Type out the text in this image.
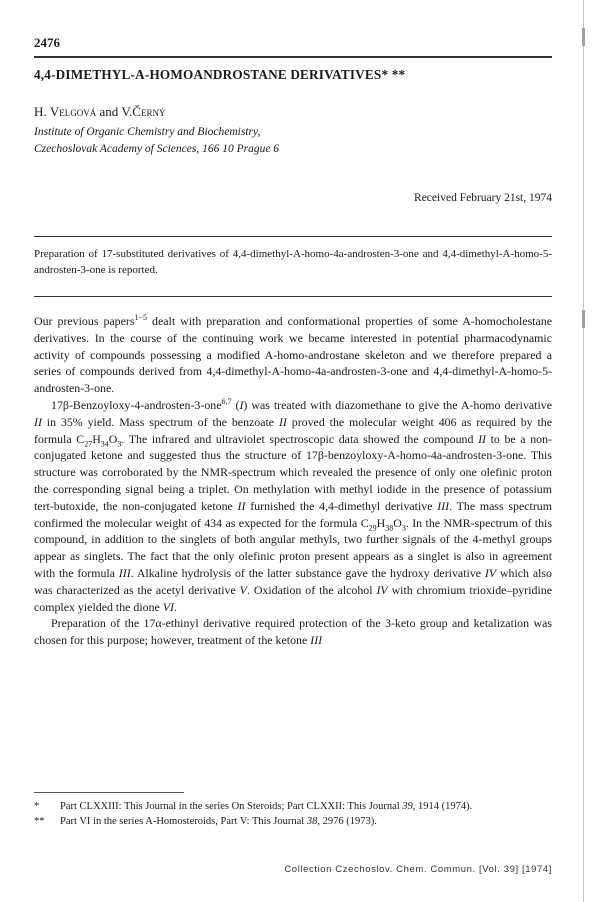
2476
4,4-DIMETHYL-A-HOMOANDROSTANE DERIVATIVES* **
H. Velgová and V.Černý
Institute of Organic Chemistry and Biochemistry,
Czechoslovak Academy of Sciences, 166 10 Prague 6
Received February 21st, 1974
Preparation of 17-substituted derivatives of 4,4-dimethyl-A-homo-4a-androsten-3-one and 4,4-dimethyl-A-homo-5-androsten-3-one is reported.

Our previous papers$^{1-5}$ dealt with preparation and conformational properties of some A-homocholestane derivatives. In the course of the continuing work we became interested in potential pharmacodynamic activity of compounds possessing a modified A-homo-androstane skeleton and we therefore prepared a series of compounds derived from 4,4-dimethyl-A-homo-4a-androsten-3-one and 4,4-dimethyl-A-homo-5-androsten-3-one.

17β-Benzoyloxy-4-androsten-3-one$^{6,7}$ (I) was treated with diazomethane to give the A-homo derivative II in 35% yield. Mass spectrum of the benzoate II proved the molecular weight 406 as required by the formula $C_{27}H_{34}O_3$. The infrared and ultraviolet spectroscopic data showed the compound II to be a non-conjugated ketone and suggested thus the structure of 17β-benzoyloxy-A-homo-4a-androsten-3-one. This structure was corroborated by the NMR-spectrum which revealed the presence of only one olefinic proton the corresponding signal being a triplet. On methylation with methyl iodide in the presence of potassium tert-butoxide, the non-conjugated ketone II furnished the 4,4-dimethyl derivative III. The mass spectrum confirmed the molecular weight of 434 as expected for the formula $C_{29}H_{38}O_3$. In the NMR-spectrum of this compound, in addition to the singlets of both angular methyls, two further signals of the 4-methyl groups appear as singlets. The fact that the only olefinic proton present appears as a singlet is also in agreement with the formula III. Alkaline hydrolysis of the latter substance gave the hydroxy derivative IV which also was characterized as the acetyl derivative V. Oxidation of the alcohol IV with chromium trioxide–pyridine complex yielded the dione VI.

Preparation of the 17α-ethinyl derivative required protection of the 3-keto group and ketalization was chosen for this purpose; however, treatment of the ketone III

* Part CLXXIII: This Journal in the series On Steroids; Part CLXXII: This Journal 39, 1914 (1974).

** Part VI in the series A-Homosteroids, Part V: This Journal 38, 2976 (1973).

Collection Czechoslov. Chem. Commun. [Vol. 39] [1974]
